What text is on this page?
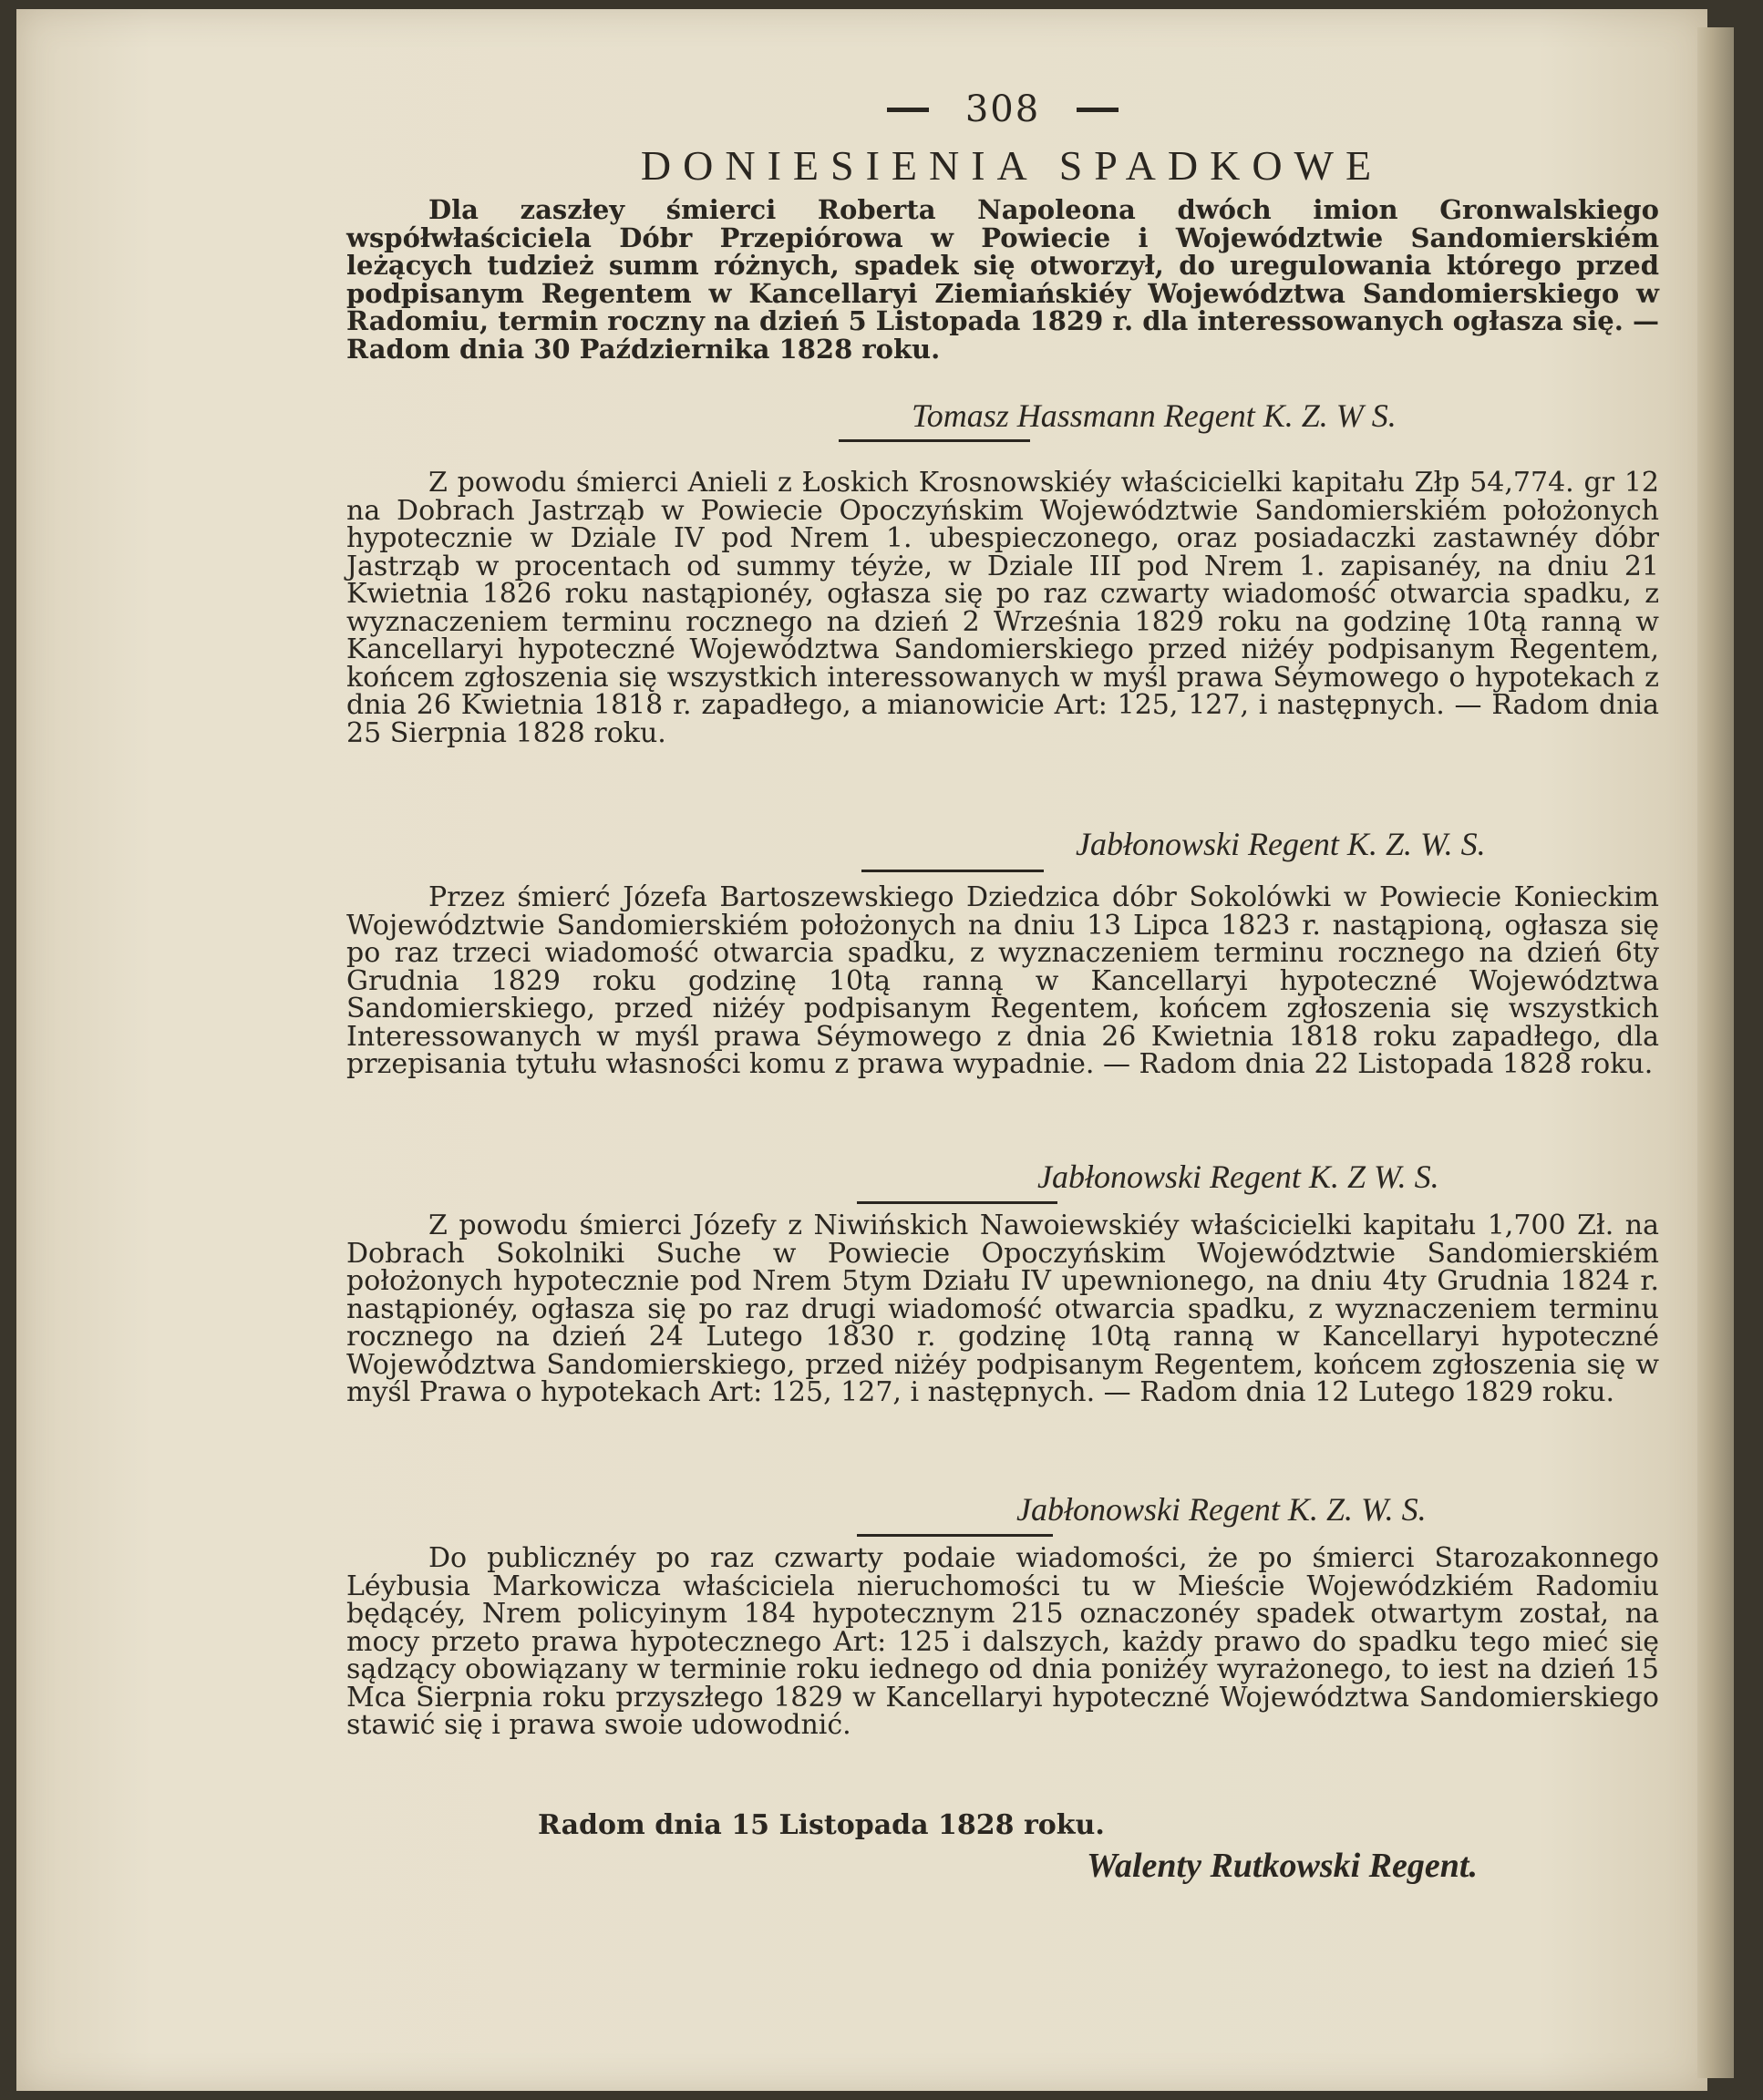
308
DONIESIENIA SPADKOWE
Dla zaszłey śmierci Roberta Napoleona dwóch imion Gronwalskiego współwłaściciela Dóbr Przepiórowa w Powiecie i Województwie Sandomierskiém leżących tudzież summ różnych, spadek się otworzył, do uregulowania którego przed podpisanym Regentem w Kancellaryi Ziemiańskiéy Województwa Sandomierskiego w Radomiu, termin roczny na dzień 5 Listopada 1829 r. dla interessowanych ogłasza się. — Radom dnia 30 Października 1828 roku.
Tomasz Hassmann Regent K. Z. W S.
Z powodu śmierci Anieli z Łoskich Krosnowskiéy właścicielki kapitału Złp 54,774. gr 12 na Dobrach Jastrząb w Powiecie Opoczyńskim Województwie Sandomierskiém położonych hypotecznie w Dziale IV pod Nrem 1. ubespieczonego, oraz posiadaczki zastawnéy dóbr Jastrząb w procentach od summy téyże, w Dziale III pod Nrem 1. zapisanéy, na dniu 21 Kwietnia 1826 roku nastąpionéy, ogłasza się po raz czwarty wiadomość otwarcia spadku, z wyznaczeniem terminu rocznego na dzień 2 Września 1829 roku na godzinę 10tą ranną w Kancellaryi hypoteczné Województwa Sandomierskiego przed niżéy podpisanym Regentem, końcem zgłoszenia się wszystkich interessowanych w myśl prawa Séymowego o hypotekach z dnia 26 Kwietnia 1818 r. zapadłego, a mianowicie Art: 125, 127, i następnych. — Radom dnia 25 Sierpnia 1828 roku.
Jabłonowski Regent K. Z. W. S.
Przez śmierć Józefa Bartoszewskiego Dziedzica dóbr Sokolówki w Powiecie Konieckim Województwie Sandomierskiém położonych na dniu 13 Lipca 1823 r. nastąpioną, ogłasza się po raz trzeci wiadomość otwarcia spadku, z wyznaczeniem terminu rocznego na dzień 6ty Grudnia 1829 roku godzinę 10tą ranną w Kancellaryi hypoteczné Województwa Sandomierskiego, przed niżéy podpisanym Regentem, końcem zgłoszenia się wszystkich Interessowanych w myśl prawa Séymowego z dnia 26 Kwietnia 1818 roku zapadłego, dla przepisania tytułu własności komu z prawa wypadnie. — Radom dnia 22 Listopada 1828 roku.
Jabłonowski Regent K. Z W. S.
Z powodu śmierci Józefy z Niwińskich Nawoiewskiéy właścicielki kapitału 1,700 Zł. na Dobrach Sokolniki Suche w Powiecie Opoczyńskim Województwie Sandomierskiém położonych hypotecznie pod Nrem 5tym Działu IV upewnionego, na dniu 4ty Grudnia 1824 r. nastąpionéy, ogłasza się po raz drugi wiadomość otwarcia spadku, z wyznaczeniem terminu rocznego na dzień 24 Lutego 1830 r. godzinę 10tą ranną w Kancellaryi hypoteczné Województwa Sandomierskiego, przed niżéy podpisanym Regentem, końcem zgłoszenia się w myśl Prawa o hypotekach Art: 125, 127, i następnych. — Radom dnia 12 Lutego 1829 roku.
Jabłonowski Regent K. Z. W. S.
Do publicznéy po raz czwarty podaie wiadomości, że po śmierci Starozakonnego Léybusia Markowicza właściciela nieruchomości tu w Mieście Wojewódzkiém Radomiu będącéy, Nrem policyinym 184 hypotecznym 215 oznaczonéy spadek otwartym został, na mocy przeto prawa hypotecznego Art: 125 i dalszych, każdy prawo do spadku tego mieć się sądzący obowiązany w terminie roku iednego od dnia poniżéy wyrażonego, to iest na dzień 15 Mca Sierpnia roku przyszłego 1829 w Kancellaryi hypoteczné Województwa Sandomierskiego stawić się i prawa swoie udowodnić.
Radom dnia 15 Listopada 1828 roku.
Walenty Rutkowski Regent.
